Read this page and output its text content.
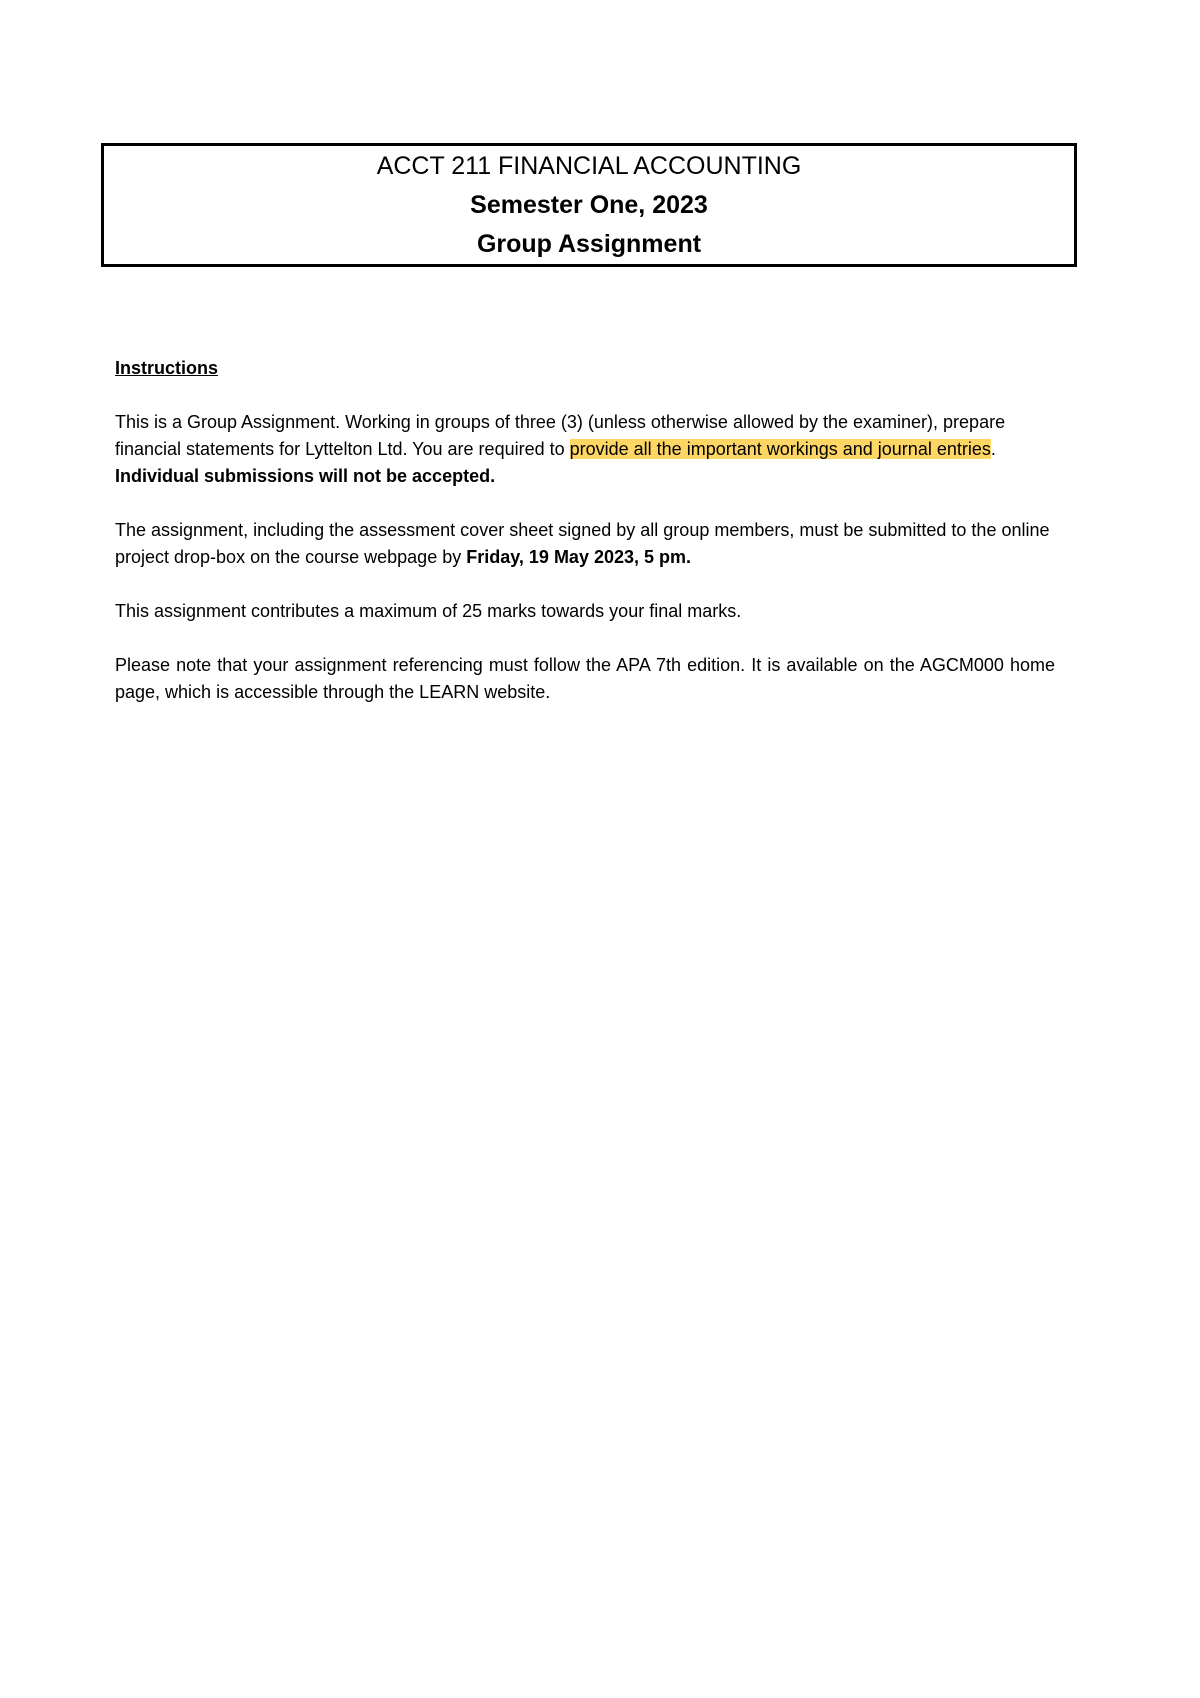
ACCT 211 FINANCIAL ACCOUNTING
Semester One, 2023
Group Assignment
Instructions
This is a Group Assignment. Working in groups of three (3) (unless otherwise allowed by the examiner), prepare financial statements for Lyttelton Ltd. You are required to provide all the important workings and journal entries. Individual submissions will not be accepted.
The assignment, including the assessment cover sheet signed by all group members, must be submitted to the online project drop-box on the course webpage by Friday, 19 May 2023, 5 pm.
This assignment contributes a maximum of 25 marks towards your final marks.
Please note that your assignment referencing must follow the APA 7th edition. It is available on the AGCM000 home page, which is accessible through the LEARN website.
